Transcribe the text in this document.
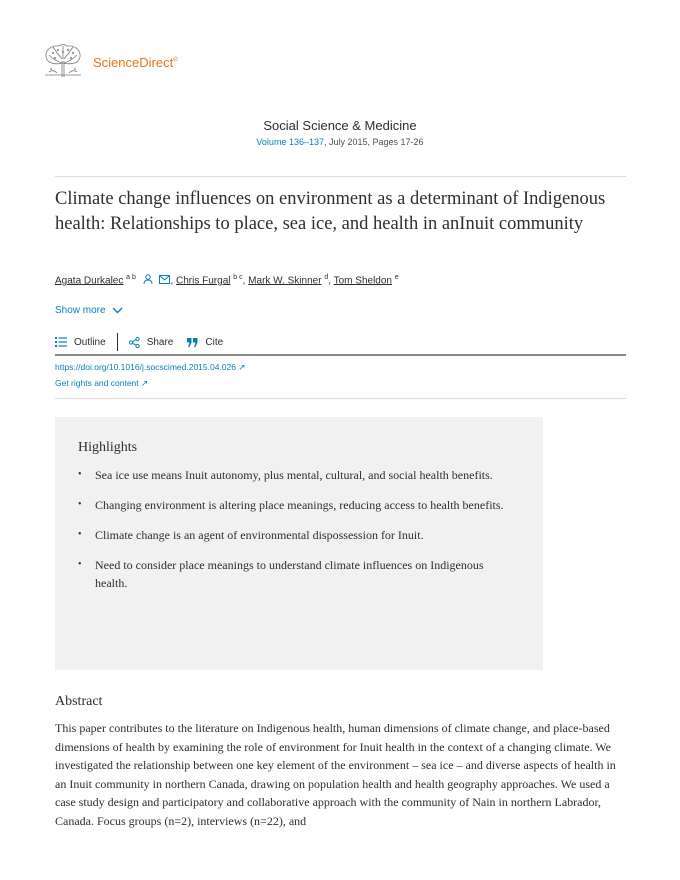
ScienceDirect®
Social Science & Medicine
Volume 136–137, July 2015, Pages 17-26
Climate change influences on environment as a determinant of Indigenous health: Relationships to place, sea ice, and health in anInuit community
Agata Durkalec $^{a b}$	, Chris Furgal $^{b c}$, Mark W. Skinner $^d$, Tom Sheldon $^e$
Show more
Outline	Share	Cite
https://doi.org/10.1016/j.socscimed.2015.04.026 ↗
Get rights and content ↗
Highlights
• Sea ice use means Inuit autonomy, plus mental, cultural, and social health benefits.
• Changing environment is altering place meanings, reducing access to health benefits.
• Climate change is an agent of environmental dispossession for Inuit.
• Need to consider place meanings to understand climate influences on Indigenous health.
Abstract
This paper contributes to the literature on Indigenous health, human dimensions of climate change, and place-based dimensions of health by examining the role of environment for Inuit health in the context of a changing climate. We investigated the relationship between one key element of the environment – sea ice – and diverse aspects of health in an Inuit community in northern Canada, drawing on population health and health geography approaches. We used a case study design and participatory and collaborative approach with the community of Nain in northern Labrador, Canada. Focus groups (n=2), interviews (n=22), and
